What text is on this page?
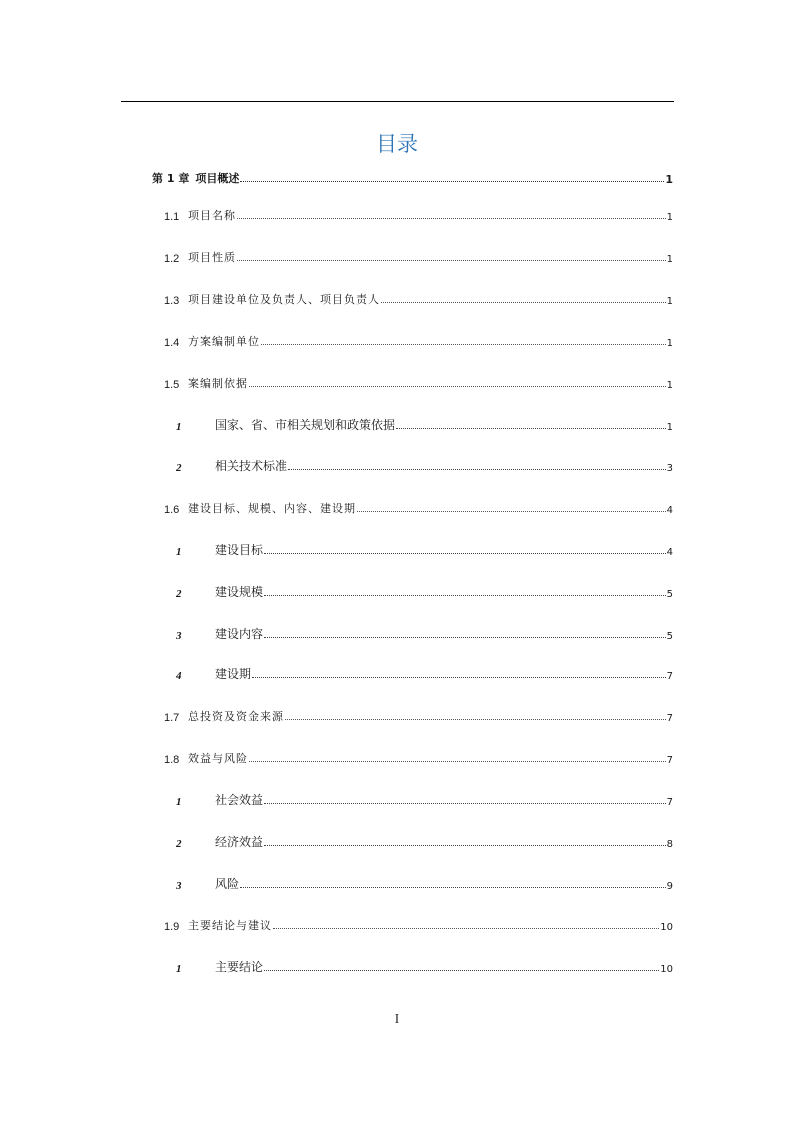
目录
第 1 章 项目概述	1
1.1 项目名称	1
1.2 项目性质	1
1.3 项目建设单位及负责人、项目负责人	1
1.4 方案编制单位	1
1.5 案编制依据	1
1	国家、省、市相关规划和政策依据	1
2	相关技术标准	3
1.6 建设目标、规模、内容、建设期	4
1	建设目标	4
2	建设规模	5
3	建设内容	5
4	建设期	7
1.7 总投资及资金来源	7
1.8 效益与风险	7
1	社会效益	7
2	经济效益	8
3	风险	9
1.9 主要结论与建议	10
1	主要结论	10
I
